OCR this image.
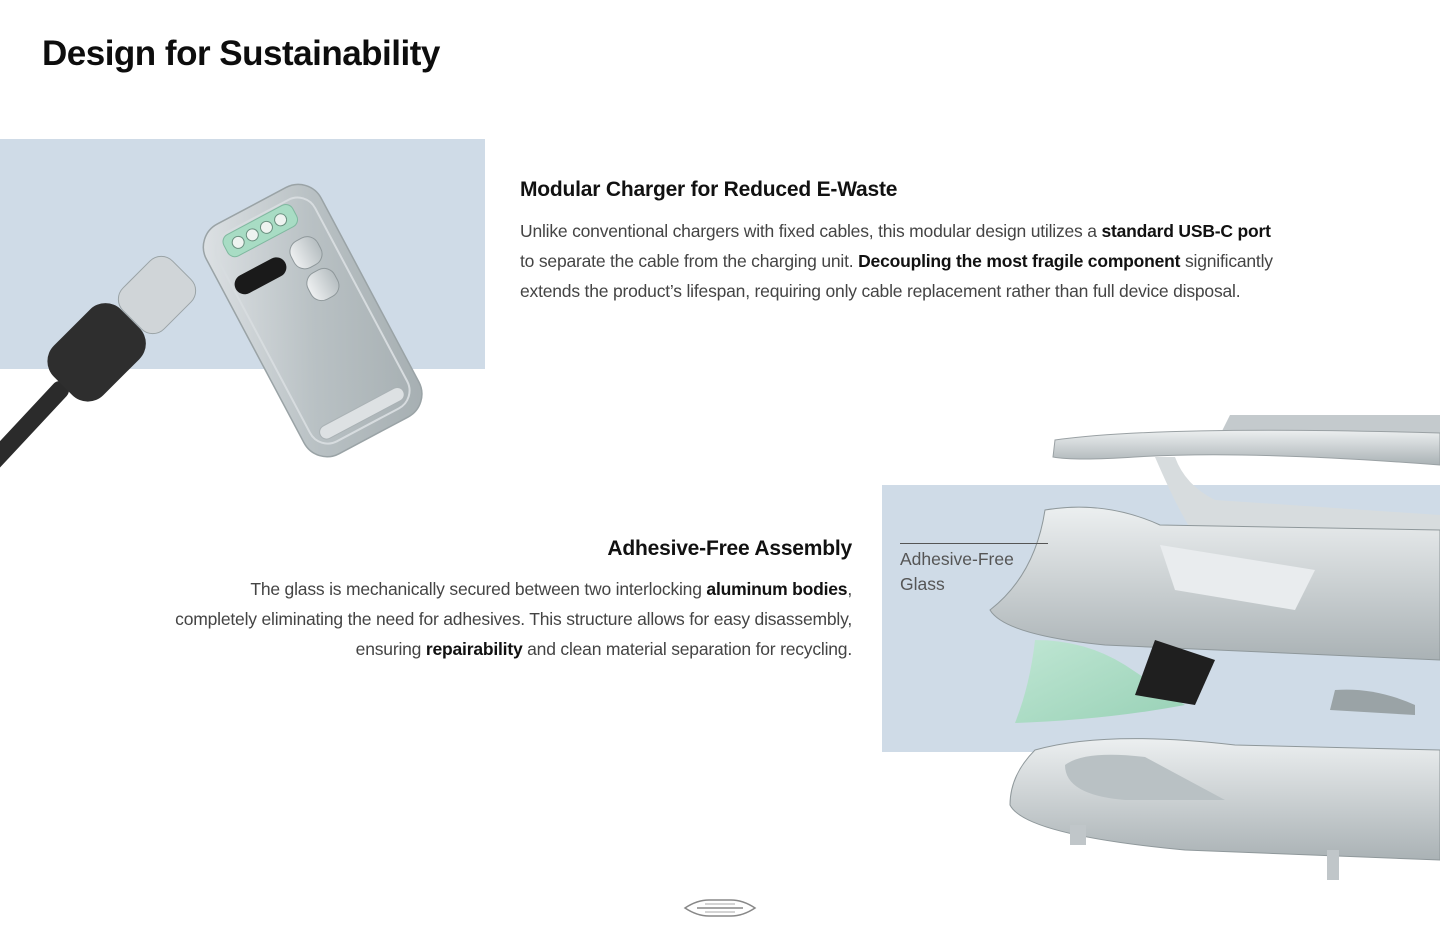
Design for Sustainability
Modular Charger for Reduced E-Waste

Unlike conventional chargers with fixed cables, this modular design utilizes a standard USB-C port
to separate the cable from the charging unit. Decoupling the most fragile component significantly
extends the product’s lifespan, requiring only cable replacement rather than full device disposal.

Adhesive-Free Assembly

The glass is mechanically secured between two interlocking aluminum bodies,
completely eliminating the need for adhesives. This structure allows for easy disassembly,
ensuring repairability and clean material separation for recycling.

Adhesive-Free
Glass
